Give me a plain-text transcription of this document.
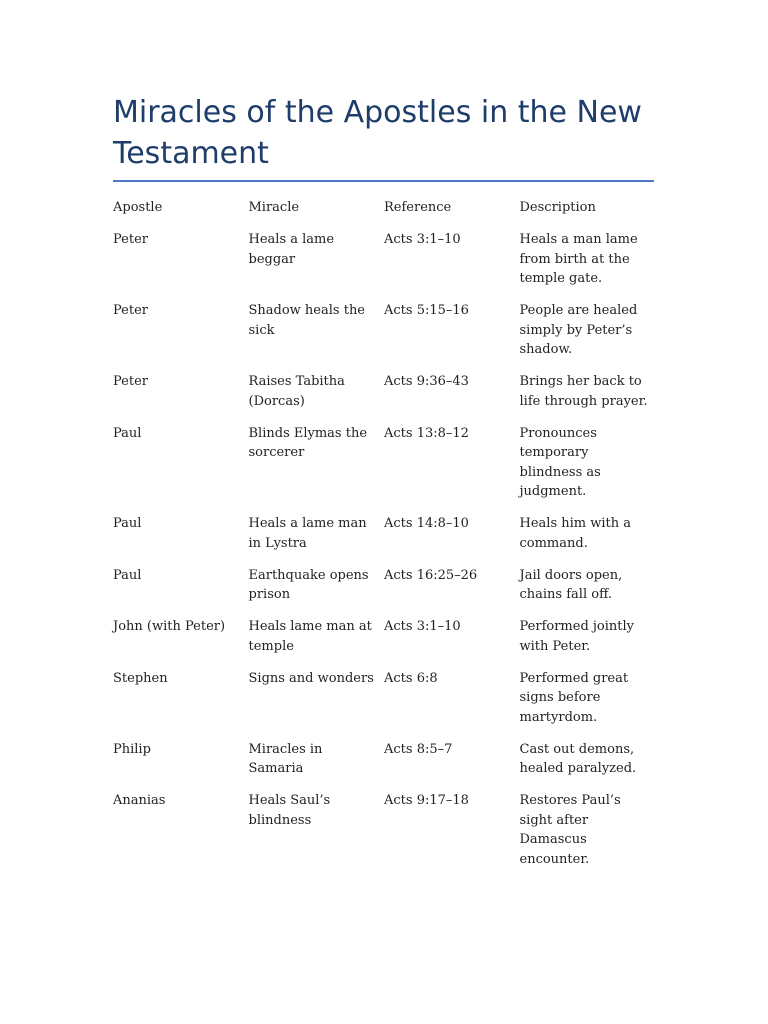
Miracles of the Apostles in the New Testament
Apostle	Miracle	Reference	Description
Peter	Heals a lame beggar	Acts 3:1–10	Heals a man lame from birth at the temple gate.
Peter	Shadow heals the sick	Acts 5:15–16	People are healed simply by Peter’s shadow.
Peter	Raises Tabitha (Dorcas)	Acts 9:36–43	Brings her back to life through prayer.
Paul	Blinds Elymas the sorcerer	Acts 13:8–12	Pronounces temporary blindness as judgment.
Paul	Heals a lame man in Lystra	Acts 14:8–10	Heals him with a command.
Paul	Earthquake opens prison	Acts 16:25–26	Jail doors open, chains fall off.
John (with Peter)	Heals lame man at temple	Acts 3:1–10	Performed jointly with Peter.
Stephen	Signs and wonders	Acts 6:8	Performed great signs before martyrdom.
Philip	Miracles in Samaria	Acts 8:5–7	Cast out demons, healed paralyzed.
Ananias	Heals Saul’s blindness	Acts 9:17–18	Restores Paul’s sight after Damascus encounter.
